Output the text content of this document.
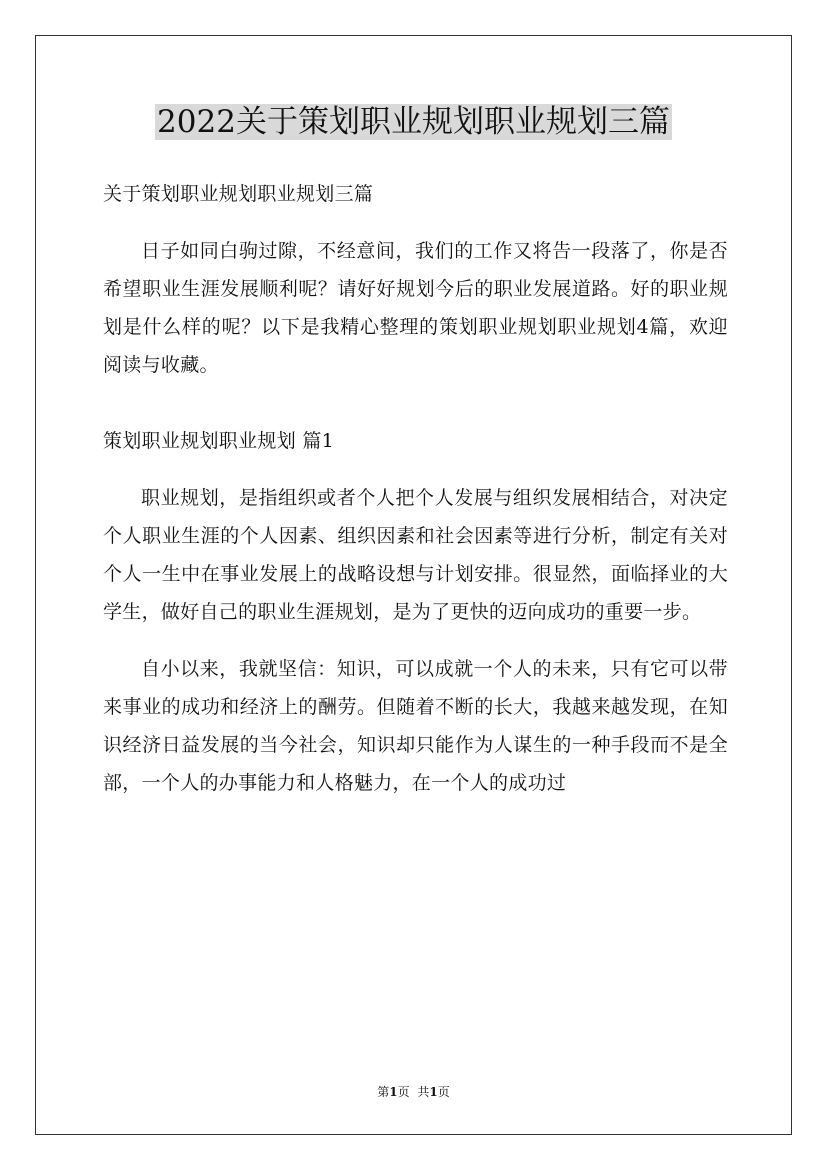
2022关于策划职业规划职业规划三篇

关于策划职业规划职业规划三篇

日子如同白驹过隙，不经意间，我们的工作又将告一段落了，你是否希望职业生涯发展顺利呢？请好好规划今后的职业发展道路。好的职业规划是什么样的呢？以下是我精心整理的策划职业规划职业规划4篇，欢迎阅读与收藏。

策划职业规划职业规划 篇1

职业规划，是指组织或者个人把个人发展与组织发展相结合，对决定个人职业生涯的个人因素、组织因素和社会因素等进行分析，制定有关对个人一生中在事业发展上的战略设想与计划安排。很显然，面临择业的大学生，做好自己的职业生涯规划，是为了更快的迈向成功的重要一步。

自小以来，我就坚信：知识，可以成就一个人的未来，只有它可以带来事业的成功和经济上的酬劳。但随着不断的长大，我越来越发现，在知识经济日益发展的当今社会，知识却只能作为人谋生的一种手段而不是全部，一个人的办事能力和人格魅力，在一个人的成功过

第1页 共1页
